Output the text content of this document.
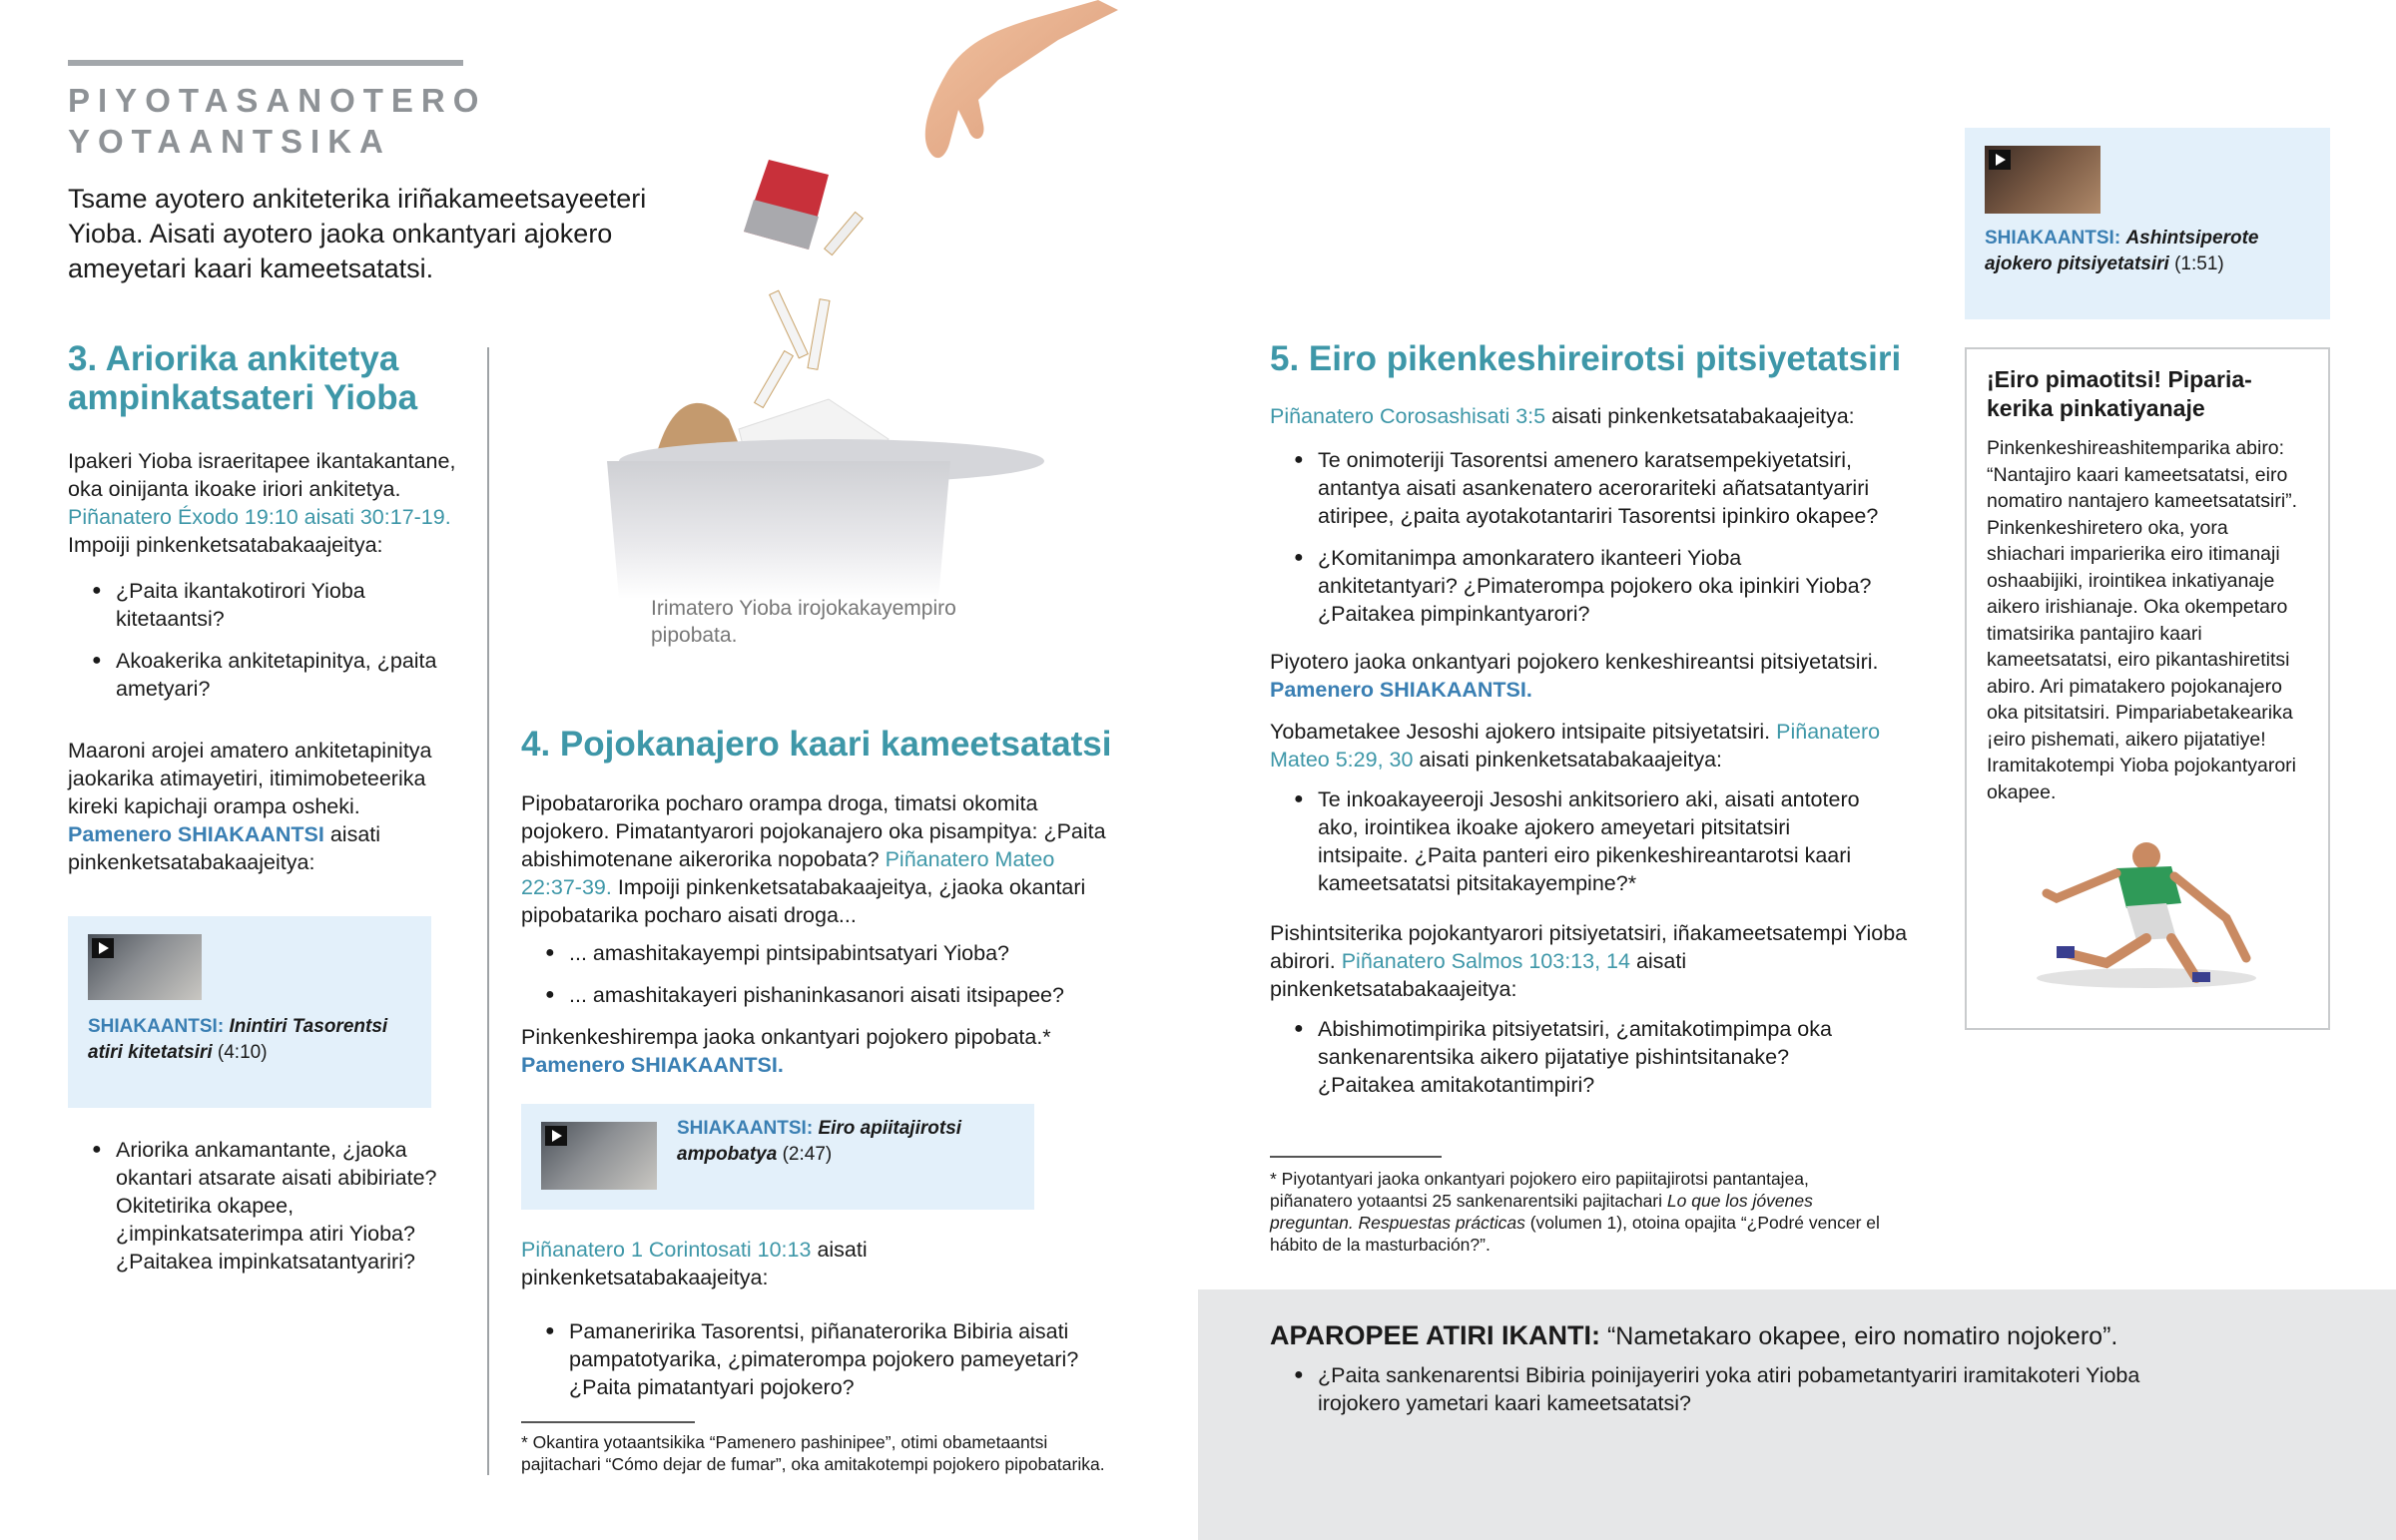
PIYOTASANOTERO
YOTAANTSIKA

Tsame ayotero ankiteterika iriñakameetsayeeteri Yioba. Aisati ayotero jaoka onkantyari ajokero ameyetari kaari kameetsatatsi.

3. Ariorika ankitetya ampinkatsateri Yioba

Ipakeri Yioba israeritapee ikantakantane, oka oinijanta ikoake iriori ankitetya. Piñanatero Éxodo 19:10 aisati 30:17-19. Impoiji pinkenketsatabakaajeitya:

● ¿Paita ikantakotirori Yioba kitetaantsi?
● Akoakerika ankitetapinitya, ¿paita ametyari?

Maaroni arojei amatero ankitetapinitya jaokarika atimayetiri, itimimobeteerika kireki kapichaji orampa osheki. Pamenero SHIAKAANTSI aisati pinkenketsatabakaajeitya:

SHIAKAANTSI: Inintiri Tasorentsi atiri kitetatsiri (4:10)
● Ariorika ankamantante, ¿jaoka okantari atsarate aisati abibiriate? Okitetirika okapee, ¿impinkatsaterimpa atiri Yioba? ¿Paitakea impinkatsatantyariri?

Irimatero Yioba irojokakayempiro pipobata.

4. Pojokanajero kaari kameetsatatsi

Pipobatarorika pocharo orampa droga, timatsi okomita pojokero. Pimatantyarori pojokanajero oka pisampitya: ¿Paita abishimotenane aikerorika nopobata? Piñanatero Mateo 22:37-39. Impoiji pinkenketsatabakaajeitya, ¿jaoka okantari pipobatarika pocharo aisati droga...

● ... amashitakayempi pintsipabintsatyari Yioba?
● ... amashitakayeri pishaninkasanori aisati itsipapee?

Pinkenkeshirempa jaoka onkantyari pojokero pipobata.* Pamenero SHIAKAANTSI.

SHIAKAANTSI: Eiro apiitajirotsi ampobatya (2:47)

Piñanatero 1 Corintosati 10:13 aisati pinkenketsatabakaajeitya:

● Pamaneririka Tasorentsi, piñanaterorika Bibiria aisati pampatotyarika, ¿pimaterompa pojokero pameyetari? ¿Paita pimatantyari pojokero?

* Okantira yotaantsikika “Pamenero pashinipee”, otimi obametaantsi pajitachari “Cómo dejar de fumar”, oka amitakotempi pojokero pipobatarika.

SHIAKAANTSI: Ashintsiperote ajokero pitsiyetatsiri (1:51)
5. Eiro pikenkeshireirotsi pitsiyetatsiri

Piñanatero Corosashisati 3:5 aisati pinkenketsatabakaajeitya:

● Te onimoteriji Tasorentsi amenero karatsempekiyetatsiri, antantya aisati asankenatero acerorariteki añatsatantyariri atiripee, ¿paita ayotakotantariri Tasorentsi ipinkiro okapee?
● ¿Komitanimpa amonkaratero ikanteeri Yioba ankitetantyari? ¿Pimaterompa pojokero oka ipinkiri Yioba? ¿Paitakea pimpinkantyarori?

Piyotero jaoka onkantyari pojokero kenkeshireantsi pitsiyetatsiri. Pamenero SHIAKAANTSI.

Yobametakee Jesoshi ajokero intsipaite pitsiyetatsiri. Piñanatero Mateo 5:29, 30 aisati pinkenketsatabakaajeitya:

● Te inkoakayeeroji Jesoshi ankitsoriero aki, aisati antotero ako, irointikea ikoake ajokero ameyetari pitsitatsiri intsipaite. ¿Paita panteri eiro pikenkeshireantarotsi kaari kameetsatatsi pitsitakayempine?*

Pishintsiterika pojokantyarori pitsiyetatsiri, iñakameetsatempi Yioba abirori. Piñanatero Salmos 103:13, 14 aisati pinkenketsatabakaajeitya:

● Abishimotimpirika pitsiyetatsiri, ¿amitakotimpimpa oka sankenarentsika aikero pijatatiye pishintsitanake? ¿Paitakea amitakotantimpiri?

* Piyotantyari jaoka onkantyari pojokero eiro papiitajirotsi pantantajea, piñanatero yotaantsi 25 sankenarentsiki pajitachari Lo que los jóvenes preguntan. Respuestas prácticas (volumen 1), otoina opajita “¿Podré vencer el hábito de la masturbación?”.

¡Eiro pimaotitsi! Pipariakerika pinkatiyanaje

Pinkenkeshireashitemparika abiro: “Nantajiro kaari kameetsatatsi, eiro nomatiro nantajero kameetsatatsiri”. Pinkenkeshiretero oka, yora shiachari imparierika eiro itimanaji oshaabijiki, irointikea inkatiyanaje aikero irishianaje. Oka okempetaro timatsirika pantajiro kaari kameetsatatsi, eiro pikantashiretitsi abiro. Ari pimatakero pojokanajero oka pitsitatsiri. Pimpariabetakearika ¡eiro pishemati, aikero pijatatiye! Iramitakotempi Yioba pojokantyarori okapee.

APAROPEE ATIRI IKANTI: “Nametakaro okapee, eiro nomatiro nojokero”.
● ¿Paita sankenarentsi Bibiria poinijayeriri yoka atiri pobametantyariri iramitakoteri Yioba irojokero yametari kaari kameetsatatsi?
